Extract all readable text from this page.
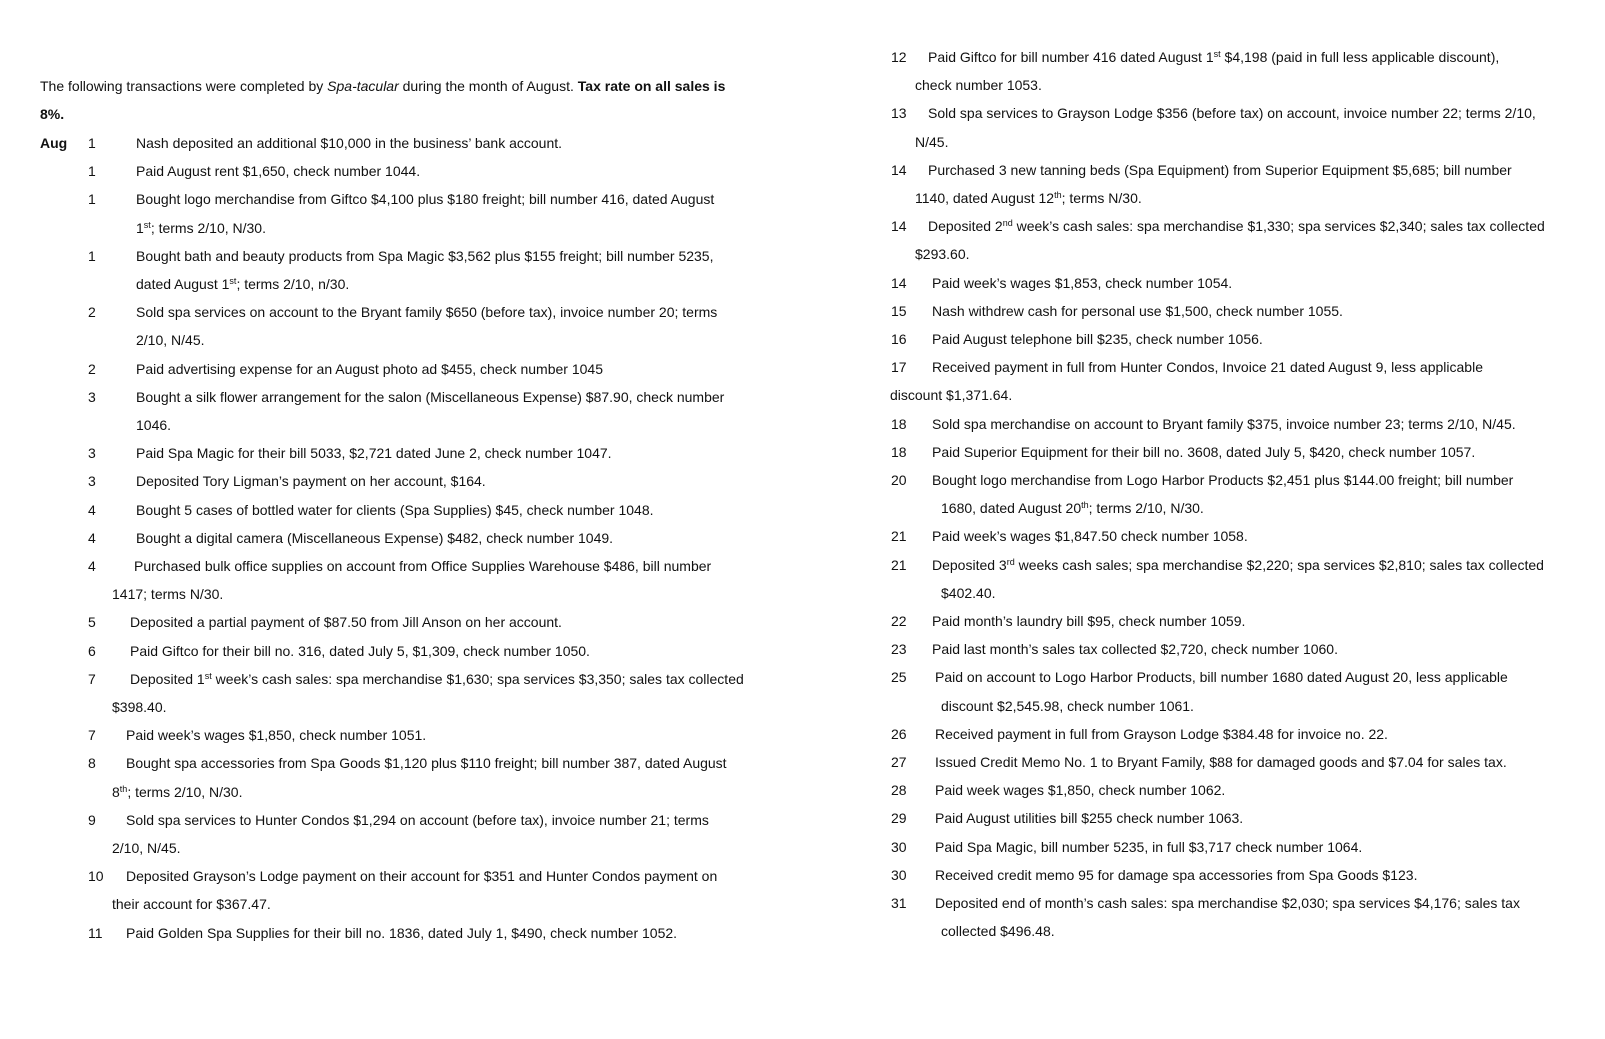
The following transactions were completed by Spa-tacular during the month of August. Tax rate on all sales is
8%.
Aug 1	Nash deposited an additional $10,000 in the business’ bank account.
1	Paid August rent $1,650, check number 1044.
1	Bought logo merchandise from Giftco $4,100 plus $180 freight; bill number 416, dated August
1st; terms 2/10, N/30.
1	Bought bath and beauty products from Spa Magic $3,562 plus $155 freight; bill number 5235,
dated August 1st; terms 2/10, n/30.
2	Sold spa services on account to the Bryant family $650 (before tax), invoice number 20; terms
2/10, N/45.
2	Paid advertising expense for an August photo ad $455, check number 1045
3	Bought a silk flower arrangement for the salon (Miscellaneous Expense) $87.90, check number
1046.
3	Paid Spa Magic for their bill 5033, $2,721 dated June 2, check number 1047.
3	Deposited Tory Ligman’s payment on her account, $164.
4	Bought 5 cases of bottled water for clients (Spa Supplies) $45, check number 1048.
4	Bought a digital camera (Miscellaneous Expense) $482, check number 1049.
4	Purchased bulk office supplies on account from Office Supplies Warehouse $486, bill number
1417; terms N/30.
5 Deposited a partial payment of $87.50 from Jill Anson on her account.
6 Paid Giftco for their bill no. 316, dated July 5, $1,309, check number 1050.
7 Deposited 1st week’s cash sales: spa merchandise $1,630; spa services $3,350; sales tax collected
$398.40.
7 Paid week’s wages $1,850, check number 1051.
8 Bought spa accessories from Spa Goods $1,120 plus $110 freight; bill number 387, dated August
8th; terms 2/10, N/30.
9 Sold spa services to Hunter Condos $1,294 on account (before tax), invoice number 21; terms
2/10, N/45.
10 Deposited Grayson’s Lodge payment on their account for $351 and Hunter Condos payment on
their account for $367.47.
11 Paid Golden Spa Supplies for their bill no. 1836, dated July 1, $490, check number 1052.
12 Paid Giftco for bill number 416 dated August 1st $4,198 (paid in full less applicable discount),
check number 1053.
13 Sold spa services to Grayson Lodge $356 (before tax) on account, invoice number 22; terms 2/10,
N/45.
14 Purchased 3 new tanning beds (Spa Equipment) from Superior Equipment $5,685; bill number
1140, dated August 12th; terms N/30.
14 Deposited 2nd week’s cash sales: spa merchandise $1,330; spa services $2,340; sales tax collected
$293.60.
14 Paid week’s wages $1,853, check number 1054.
15 Nash withdrew cash for personal use $1,500, check number 1055.
16 Paid August telephone bill $235, check number 1056.
17 Received payment in full from Hunter Condos, Invoice 21 dated August 9, less applicable
discount $1,371.64.
18 Sold spa merchandise on account to Bryant family $375, invoice number 23; terms 2/10, N/45.
18 Paid Superior Equipment for their bill no. 3608, dated July 5, $420, check number 1057.
20 Bought logo merchandise from Logo Harbor Products $2,451 plus $144.00 freight; bill number
1680, dated August 20th; terms 2/10, N/30.
21 Paid week’s wages $1,847.50 check number 1058.
21 Deposited 3rd weeks cash sales; spa merchandise $2,220; spa services $2,810; sales tax collected
$402.40.
22 Paid month’s laundry bill $95, check number 1059.
23 Paid last month’s sales tax collected $2,720, check number 1060.
25 Paid on account to Logo Harbor Products, bill number 1680 dated August 20, less applicable
discount $2,545.98, check number 1061.
26 Received payment in full from Grayson Lodge $384.48 for invoice no. 22.
27 Issued Credit Memo No. 1 to Bryant Family, $88 for damaged goods and $7.04 for sales tax.
28 Paid week wages $1,850, check number 1062.
29 Paid August utilities bill $255 check number 1063.
30 Paid Spa Magic, bill number 5235, in full $3,717 check number 1064.
30 Received credit memo 95 for damage spa accessories from Spa Goods $123.
31 Deposited end of month’s cash sales: spa merchandise $2,030; spa services $4,176; sales tax
collected $496.48.
